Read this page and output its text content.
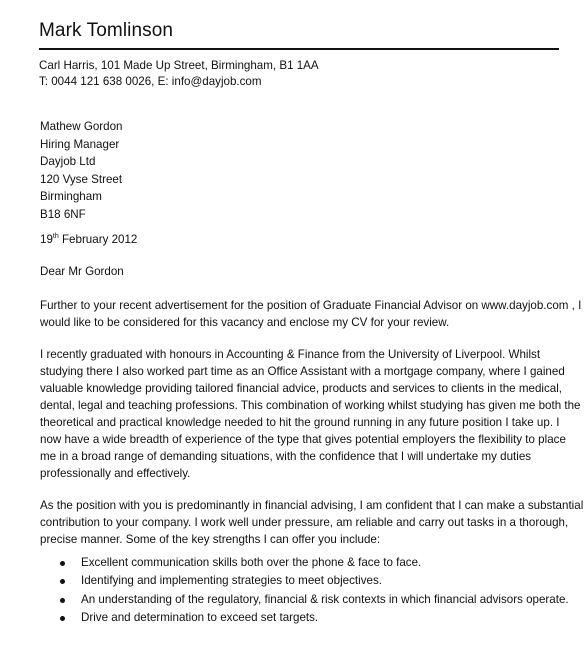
Mark Tomlinson
Carl Harris, 101 Made Up Street, Birmingham, B1 1AA
T: 0044 121 638 0026, E: info@dayjob.com
Mathew Gordon
Hiring Manager
Dayjob Ltd
120 Vyse Street
Birmingham
B18 6NF
19th February 2012
Dear Mr Gordon
Further to your recent advertisement for the position of Graduate Financial Advisor on www.dayjob.com , I
would like to be considered for this vacancy and enclose my CV for your review.
I recently graduated with honours in Accounting & Finance from the University of Liverpool. Whilst
studying there I also worked part time as an Office Assistant with a mortgage company, where I gained
valuable knowledge providing tailored financial advice, products and services to clients in the medical,
dental, legal and teaching professions. This combination of working whilst studying has given me both the
theoretical and practical knowledge needed to hit the ground running in any future position I take up. I
now have a wide breadth of experience of the type that gives potential employers the flexibility to place
me in a broad range of demanding situations, with the confidence that I will undertake my duties
professionally and effectively.
As the position with you is predominantly in financial advising, I am confident that I can make a substantial
contribution to your company. I work well under pressure, am reliable and carry out tasks in a thorough,
precise manner. Some of the key strengths I can offer you include:
Excellent communication skills both over the phone & face to face.
Identifying and implementing strategies to meet objectives.
An understanding of the regulatory, financial & risk contexts in which financial advisors operate.
Drive and determination to exceed set targets.
